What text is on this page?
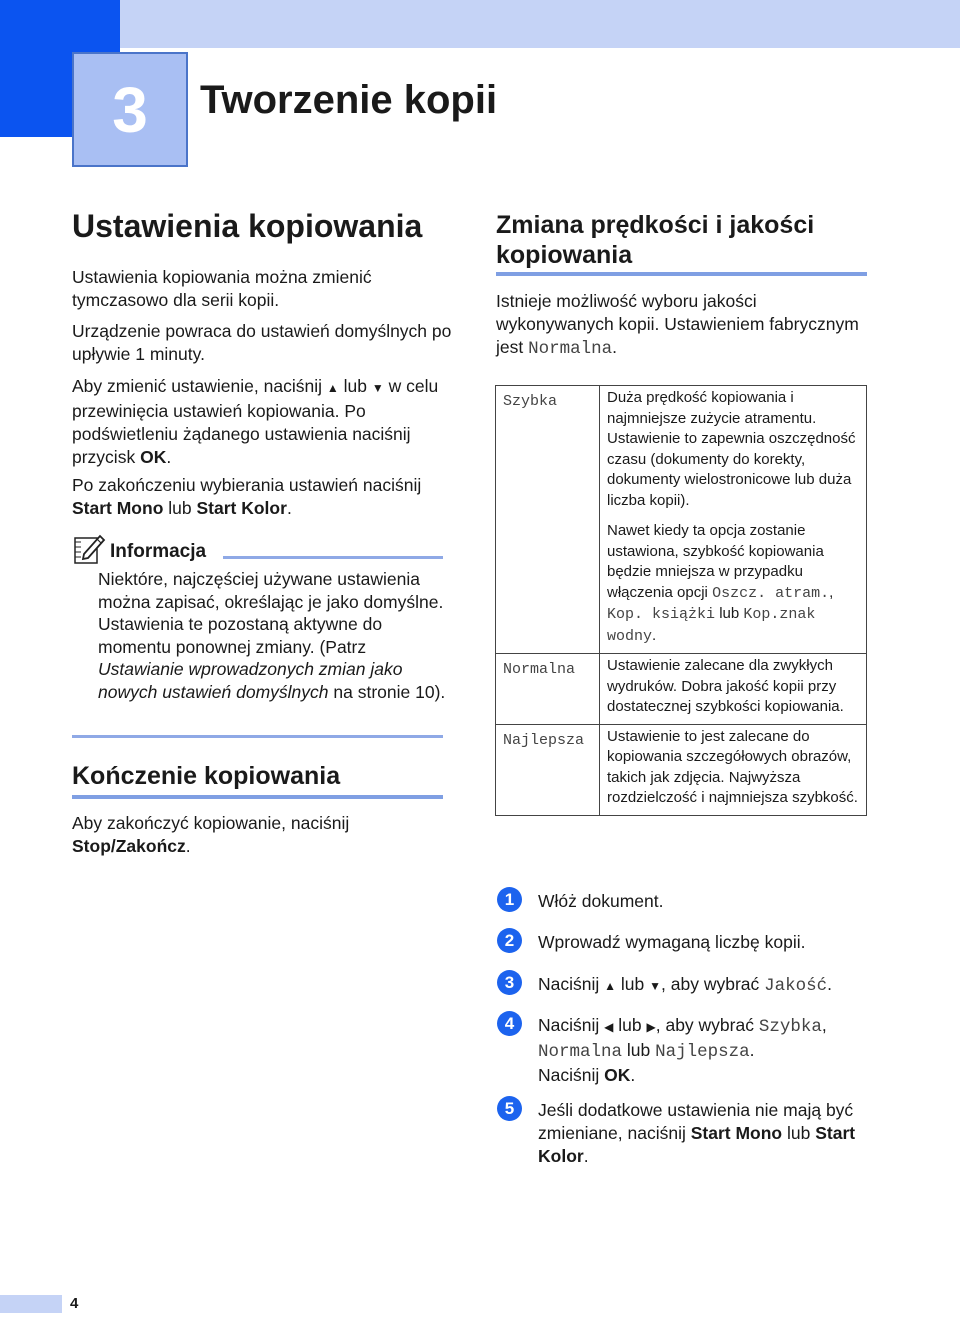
3	Tworzenie kopii
Ustawienia kopiowania
Ustawienia kopiowania można zmienić tymczasowo dla serii kopii.
Urządzenie powraca do ustawień domyślnych po upływie 1 minuty.
Aby zmienić ustawienie, naciśnij ▲ lub ▼ w celu przewinięcia ustawień kopiowania. Po podświetleniu żądanego ustawienia naciśnij przycisk OK.
Po zakończeniu wybierania ustawień naciśnij Start Mono lub Start Kolor.
Informacja
Niektóre, najczęściej używane ustawienia można zapisać, określając je jako domyślne. Ustawienia te pozostaną aktywne do momentu ponownej zmiany. (Patrz Ustawianie wprowadzonych zmian jako nowych ustawień domyślnych na stronie 10).
Kończenie kopiowania
Aby zakończyć kopiowanie, naciśnij Stop/Zakończ.
Zmiana prędkości i jakości kopiowania
Istnieje możliwość wyboru jakości wykonywanych kopii. Ustawieniem fabrycznym jest Normalna.
Szybka	Duża prędkość kopiowania i najmniejsze zużycie atramentu. Ustawienie to zapewnia oszczędność czasu (dokumenty do korekty, dokumenty wielostronicowe lub duża liczba kopii).
Nawet kiedy ta opcja zostanie ustawiona, szybkość kopiowania będzie mniejsza w przypadku włączenia opcji Oszcz. atram., Kop. książki lub Kop.znak wodny.

Normalna	Ustawienie zalecane dla zwykłych wydruków. Dobra jakość kopii przy dostatecznej szybkości kopiowania.
Najlepsza	Ustawienie to jest zalecane do kopiowania szczegółowych obrazów, takich jak zdjęcia. Najwyższa rozdzielczość i najmniejsza szybkość.
1	Włóż dokument.
2	Wprowadź wymaganą liczbę kopii.
3	Naciśnij ▲ lub ▼, aby wybrać Jakość.
4	Naciśnij ◀ lub ▶, aby wybrać Szybka, Normalna lub Najlepsza.
Naciśnij OK.
5	Jeśli dodatkowe ustawienia nie mają być zmieniane, naciśnij Start Mono lub Start Kolor.
4
